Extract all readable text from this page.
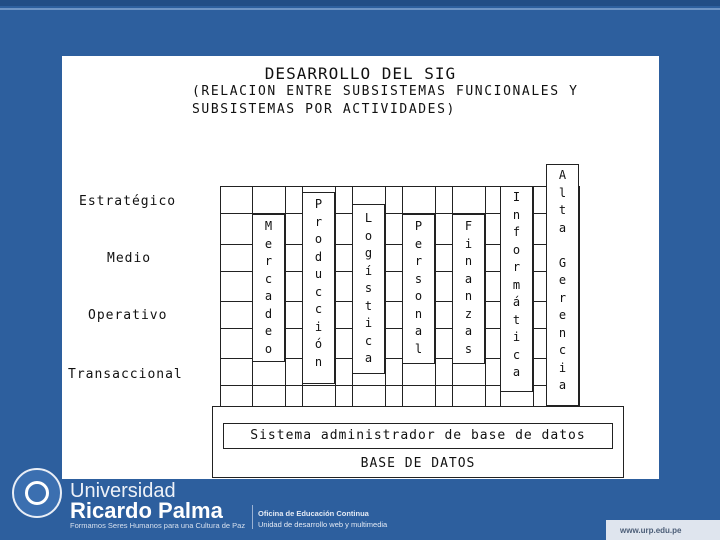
DESARROLLO DEL SIG
(RELACION ENTRE SUBSISTEMAS FUNCIONALES Y
SUBSISTEMAS POR ACTIVIDADES)
Estratégico
Medio
Operativo
Transaccional
M
e
r
c
a
d
e
o
P
r
o
d
u
c
c
i
ó
n
L
o
g
í
s
t
i
c
a
P
e
r
s
o
n
a
l
F
i
n
a
n
z
a
s
I
n
f
o
r
m
á
t
i
c
a
A
l
t
a

G
e
r
e
n
c
i
a
Sistema administrador de base de datos
BASE DE DATOS
Universidad
Ricardo Palma
Formamos Seres Humanos para una Cultura de Paz
Oficina de Educación Continua
Unidad de desarrollo web y multimedia
www.urp.edu.pe
